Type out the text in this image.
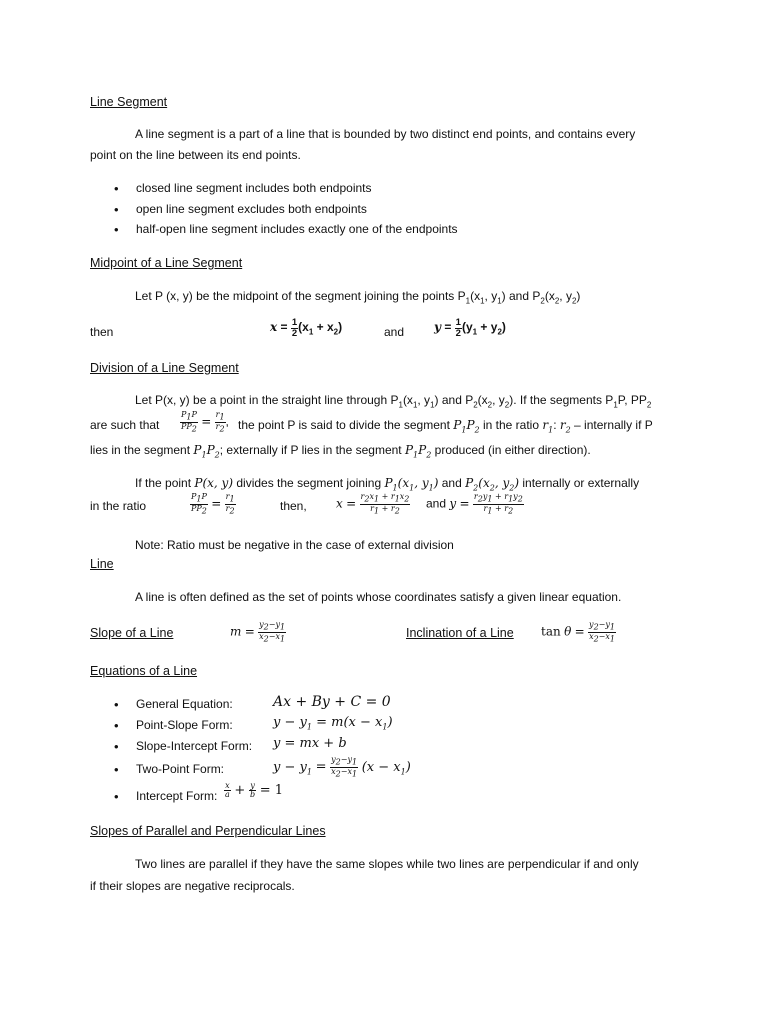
Line Segment
A line segment is a part of a line that is bounded by two distinct end points, and contains every
point on the line between its end points.
• closed line segment includes both endpoints
• open line segment excludes both endpoints
• half-open line segment includes exactly one of the endpoints
Midpoint of a Line Segment
Let P (x, y) be the midpoint of the segment joining the points $P_1(x_1$, $y_1$) and $P_2(x_2$, $y_2$)
then	$x = \frac{1}{2} (x_1 + x_2)$	and $y = \frac{1}{2} (y_1 + y_2)$
Division of a Line Segment
Let P(x, y) be a point in the straight line through $P_1(x_1$, $y_1$) and $P_2(x_2$, $y_2$). If the segments $P_1P$, $PP_2$
are such that	$\frac{P_1P}{PP_2} = \frac{r_1}{r_2}$ , the point P is said to divide the segment $P_1P_2$ in the ratio $r_1$: $r_2$ – internally if P
lies in the segment $P_1P_2$; externally if P lies in the segment $P_1P_2$ produced (in either direction).
If the point P(x, y) divides the segment joining $P_1(x_1$, $y_1$) and $P_2(x_2$, $y_2$) internally or externally
in the ratio	$\frac{P_1P}{PP_2} = \frac{r_1}{r_2}$	then, $x = \frac{r_2x_1 + r_1x_2}{r_1 + r_2}$ and $y = \frac{r_2y_1 + r_1y_2}{r_1 + r_2}$
Note: Ratio must be negative in the case of external division
Line
A line is often defined as the set of points whose coordinates satisfy a given linear equation.
Slope of a Line	$m = \frac{y_2-y_1}{x_2-x_1}$	Inclination of a Line $\tan \theta = \frac{y_2-y_1}{x_2-x_1}$
Equations of a Line
• General Equation:	Ax + By + C = 0
• Point-Slope Form:	$y - y_1 = m(x - x_1)$
• Slope-Intercept Form: y = mx + b
• Two-Point Form:	$y - y_1 = \frac{y_2-y_1}{x_2-x_1} (x - x_1)$
• Intercept Form: $\frac{x}{a} + \frac{y}{b} = 1$
Slopes of Parallel and Perpendicular Lines
Two lines are parallel if they have the same slopes while two lines are perpendicular if and only
if their slopes are negative reciprocals.
